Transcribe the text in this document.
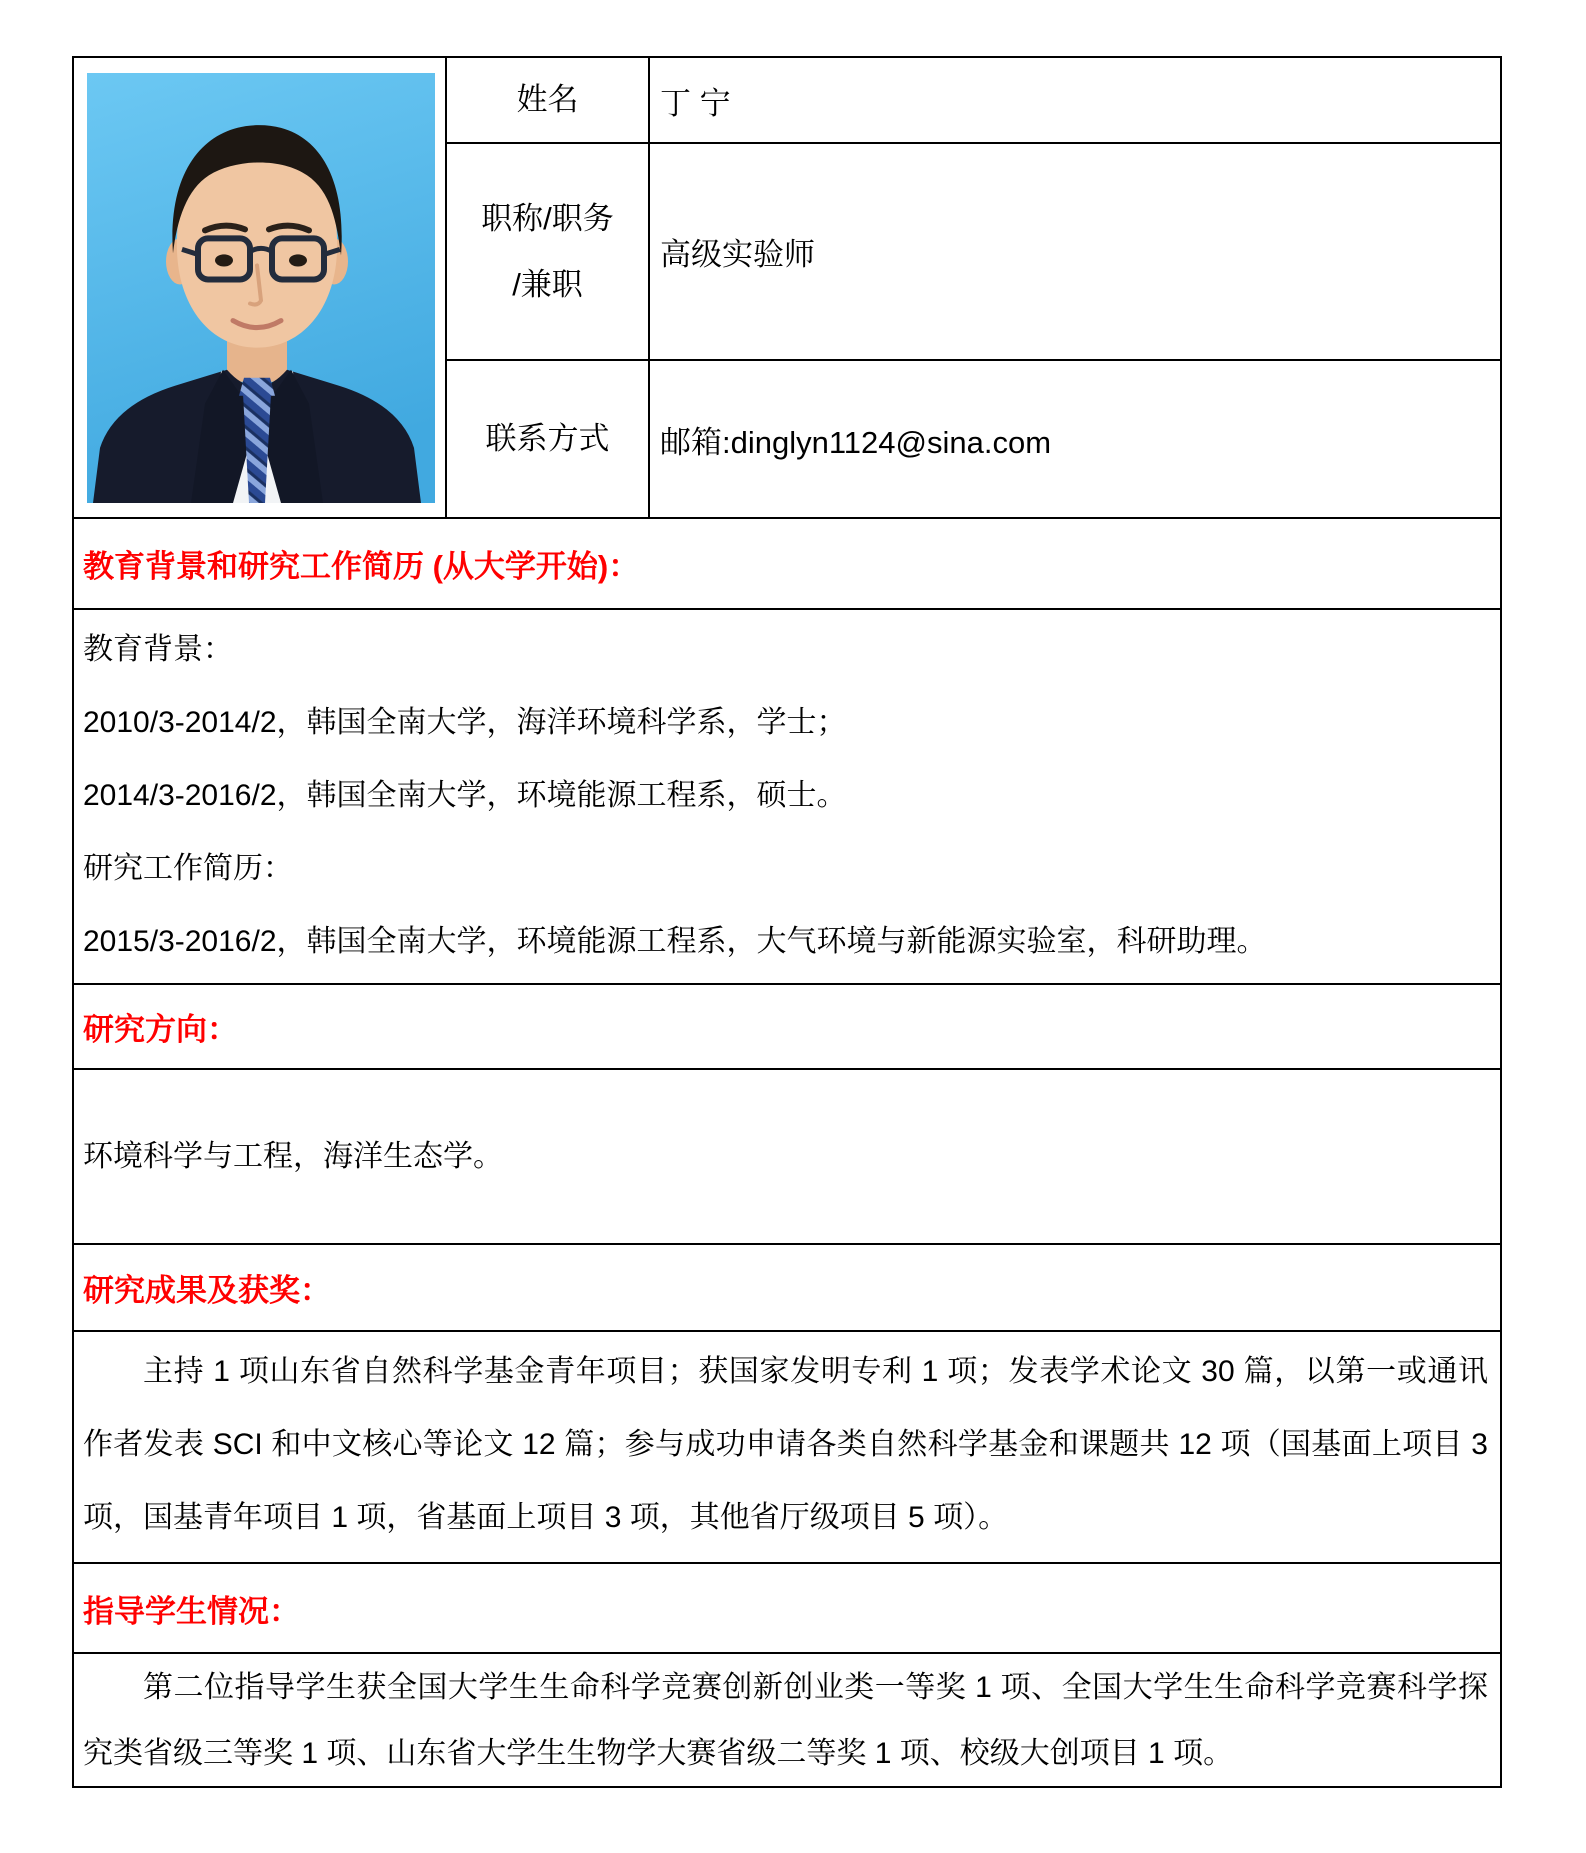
姓名	丁 宁
职称/职务
/兼职
高级实验师
联系方式 邮箱:dinglyn1124@sina.com
教育背景和研究工作简历 (从大学开始)：

教育背景：

2010/3-2014/2，韩国全南大学，海洋环境科学系，学士；

2014/3-2016/2，韩国全南大学，环境能源工程系，硕士。

研究工作简历：

2015/3-2016/2，韩国全南大学，环境能源工程系，大气环境与新能源实验室，科研助理。

研究方向：

环境科学与工程，海洋生态学。

研究成果及获奖：

主持 1 项山东省自然科学基金青年项目；获国家发明专利 1 项；发表学术论文 30 篇，以第一或通讯作者发表 SCI 和中文核心等论文 12 篇；参与成功申请各类自然科学基金和课题共 12 项（国基面上项目 3 项，国基青年项目 1 项，省基面上项目 3 项，其他省厅级项目 5 项）。

指导学生情况：

第二位指导学生获全国大学生生命科学竞赛创新创业类一等奖 1 项、全国大学生生命科学竞赛科学探究类省级三等奖 1 项、山东省大学生生物学大赛省级二等奖 1 项、校级大创项目 1 项。
